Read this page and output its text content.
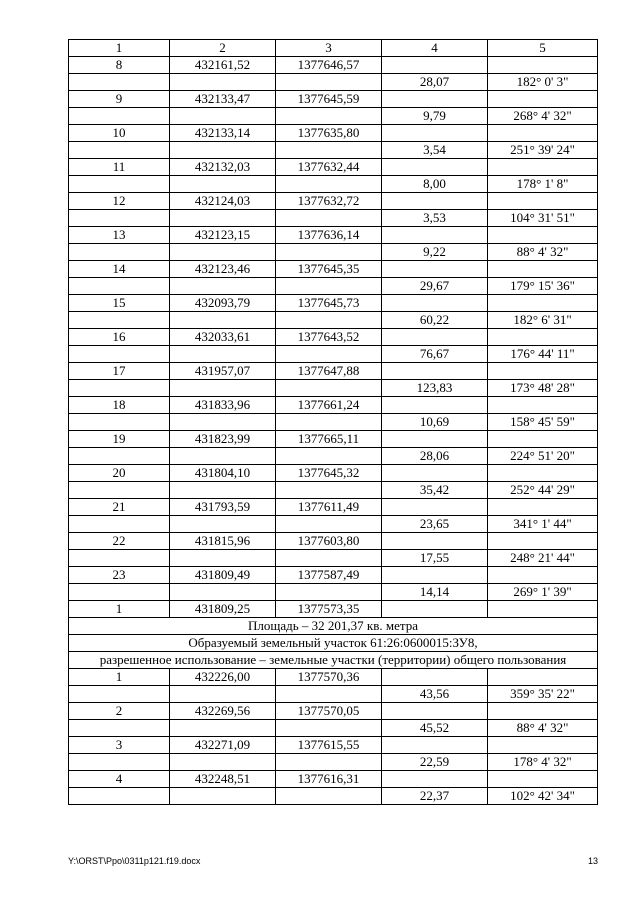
1	2	3	4	5
8	432161,52	1377646,57		
			28,07	182° 0' 3"
9	432133,47	1377645,59		
			9,79	268° 4' 32"
10	432133,14	1377635,80		
			3,54	251° 39' 24"
11	432132,03	1377632,44		
			8,00	178° 1' 8"
12	432124,03	1377632,72		
			3,53	104° 31' 51"
13	432123,15	1377636,14		
			9,22	88° 4' 32"
14	432123,46	1377645,35		
			29,67	179° 15' 36"
15	432093,79	1377645,73		
			60,22	182° 6' 31"
16	432033,61	1377643,52		
			76,67	176° 44' 11"
17	431957,07	1377647,88		
			123,83	173° 48' 28"
18	431833,96	1377661,24		
			10,69	158° 45' 59"
19	431823,99	1377665,11		
			28,06	224° 51' 20"
20	431804,10	1377645,32		
			35,42	252° 44' 29"
21	431793,59	1377611,49		
			23,65	341° 1' 44"
22	431815,96	1377603,80		
			17,55	248° 21' 44"
23	431809,49	1377587,49		
			14,14	269° 1' 39"
1	431809,25	1377573,35		
Площадь – 32 201,37 кв. метра				
Образуемый земельный участок 61:26:0600015:ЗУ8,				
разрешенное использование – земельные участки (территории) общего пользования				
1	432226,00	1377570,36		
			43,56	359° 35' 22"
2	432269,56	1377570,05		
			45,52	88° 4' 32"
3	432271,09	1377615,55		
			22,59	178° 4' 32"
4	432248,51	1377616,31		
			22,37	102° 42' 34"
Y:\ORST\Ppo\0311p121.f19.docx	13
